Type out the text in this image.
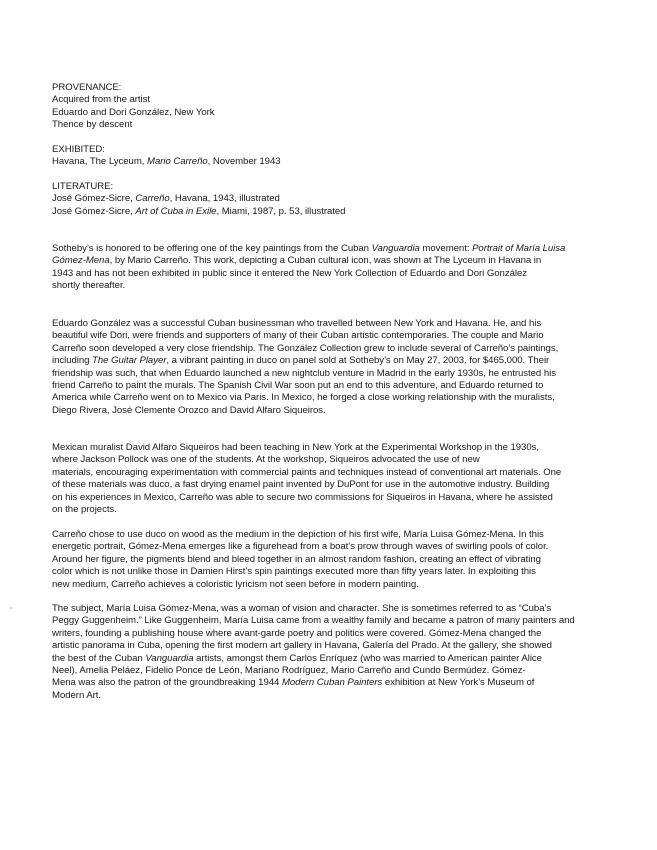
PROVENANCE:
Acquired from the artist
Eduardo and Dori González, New York
Thence by descent
EXHIBITED:
Havana, The Lyceum, Mario Carreño, November 1943
LITERATURE:
José Gómez-Sicre, Carreño, Havana, 1943, illustrated
José Gómez-Sicre, Art of Cuba in Exile, Miami, 1987, p. 53, illustrated
Sotheby’s is honored to be offering one of the key paintings from the Cuban Vanguardia movement: Portrait of María Luisa
Gómez-Mena, by Mario Carreño. This work, depicting a Cuban cultural icon, was shown at The Lyceum in Havana in
1943 and has not been exhibited in public since it entered the New York Collection of Eduardo and Dori González
shortly thereafter.
Eduardo González was a successful Cuban businessman who travelled between New York and Havana. He, and his
beautiful wife Dori, were friends and supporters of many of their Cuban artistic contemporaries. The couple and Mario
Carreño soon developed a very close friendship. The González Collection grew to include several of Carreño’s paintings,
including The Guitar Player, a vibrant painting in duco on panel sold at Sotheby’s on May 27, 2003, for $465,000. Their
friendship was such, that when Eduardo launched a new nightclub venture in Madrid in the early 1930s, he entrusted his
friend Carreño to paint the murals. The Spanish Civil War soon put an end to this adventure, and Eduardo returned to
America while Carreño went on to Mexico via Paris. In Mexico, he forged a close working relationship with the muralists,
Diego Rivera, José Clemente Orozco and David Alfaro Siqueiros.
Mexican muralist David Alfaro Siqueiros had been teaching in New York at the Experimental Workshop in the 1930s,
where Jackson Pollock was one of the students. At the workshop, Siqueiros advocated the use of new
materials, encouraging experimentation with commercial paints and techniques instead of conventional art materials. One
of these materials was duco, a fast drying enamel paint invented by DuPont for use in the automotive industry. Building
on his experiences in Mexico, Carreño was able to secure two commissions for Siqueiros in Havana, where he assisted
on the projects.
Carreño chose to use duco on wood as the medium in the depiction of his first wife, María Luisa Gómez-Mena. In this
energetic portrait, Gómez-Mena emerges like a figurehead from a boat’s prow through waves of swirling pools of color.
Around her figure, the pigments blend and bleed together in an almost random fashion, creating an effect of vibrating
color which is not unlike those in Damien Hirst’s spin paintings executed more than fifty years later. In exploiting this
new medium, Carreño achieves a coloristic lyricism not seen before in modern painting.
The subject, María Luisa Gómez-Mena, was a woman of vision and character. She is sometimes referred to as “Cuba’s
Peggy Guggenheim.” Like Guggenheim, María Luisa came from a wealthy family and became a patron of many painters and
writers, founding a publishing house where avant-garde poetry and politics were covered. Gómez-Mena changed the
artistic panorama in Cuba, opening the first modern art gallery in Havana, Galería del Prado. At the gallery, she showed
the best of the Cuban Vanguardia artists, amongst them Carlos Enríquez (who was married to American painter Alice
Neel), Amelia Peláez, Fidelio Ponce de León, Mariano Rodríguez, Mario Carreño and Cundo Bermúdez. Gómez-
Mena was also the patron of the groundbreaking 1944 Modern Cuban Painters exhibition at New York’s Museum of
Modern Art.
